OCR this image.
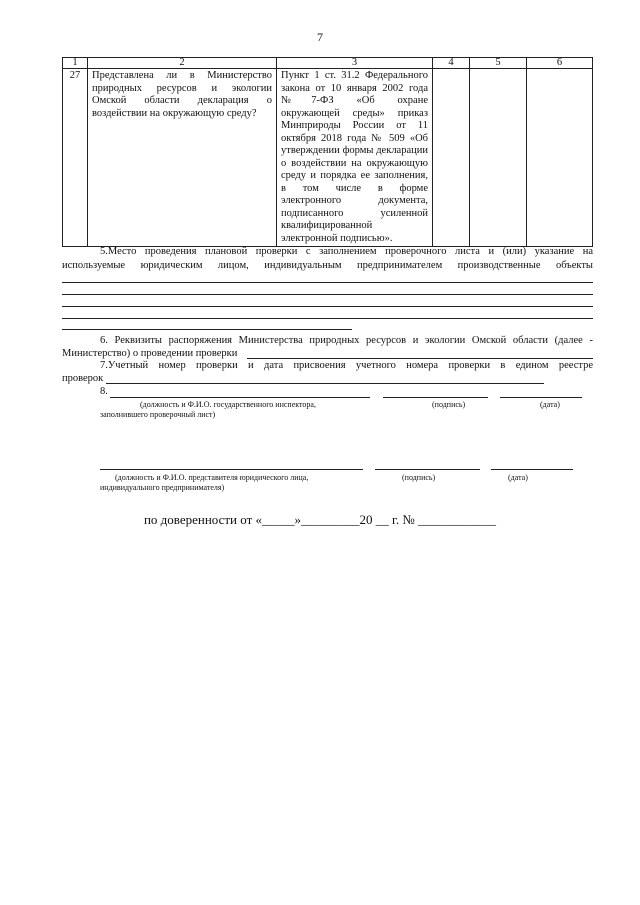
7
1	2	3	4	5	6
27	Представлена ли в Министерство природных ресурсов и экологии Омской области декларация о воздействии на окружающую среду?	Пункт 1 ст. 31.2 Федерального закона от 10 января 2002 года №7-ФЗ «Об охране окружающей среды» приказ Минприроды России от 11 октября 2018 года № 509 «Об утверждении формы декларации о воздействии на окружающую среду и порядка ее заполнения, в том числе в форме электронного документа, подписанного усиленной квалифицированной электронной подписью».			
5.Место проведения плановой проверки с заполнением проверочного листа и (или) указание на
используемые юридическим лицом, индивидуальным предпринимателем производственные объекты
6. Реквизиты распоряжения Министерства природных ресурсов и экологии Омской области (далее -
Министерство) о проведении проверки
7.Учетный номер проверки и дата присвоения учетного номера проверки в едином реестре
проверок
8.
(должность и Ф.И.О. государственного инспектора,
заполнившего проверочный лист)
(подпись)	(дата)
(должность и Ф.И.О. представителя юридического лица,
индивидуального предпринимателя)
(подпись)	(дата)
по доверенности от «_____»_________20 __ г. № ____________
